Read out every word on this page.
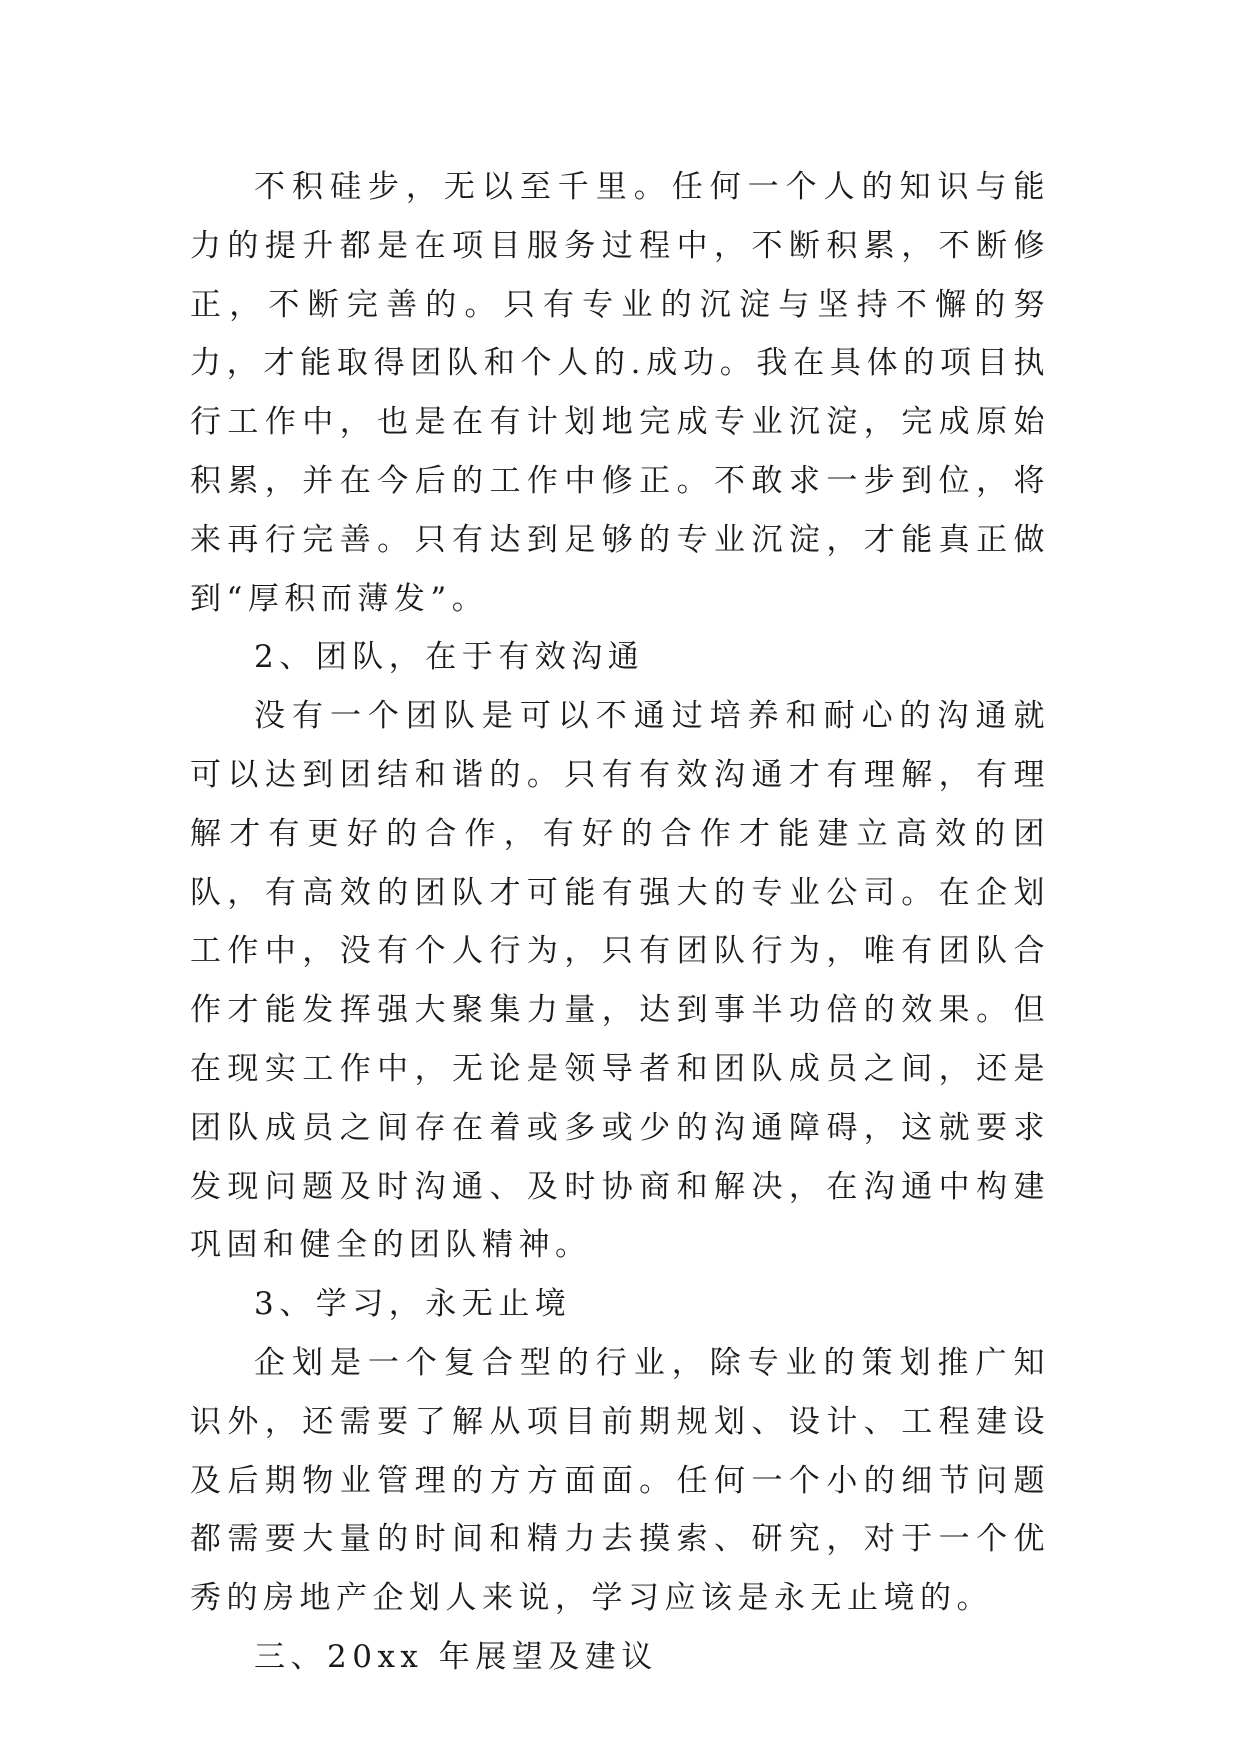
不积硅步，无以至千里。任何一个人的知识与能力的提升都是在项目服务过程中，不断积累，不断修正，不断完善的。只有专业的沉淀与坚持不懈的努力，才能取得团队和个人的.成功。我在具体的项目执行工作中，也是在有计划地完成专业沉淀，完成原始积累，并在今后的工作中修正。不敢求一步到位，将来再行完善。只有达到足够的专业沉淀，才能真正做到“厚积而薄发”。

2、团队，在于有效沟通

没有一个团队是可以不通过培养和耐心的沟通就可以达到团结和谐的。只有有效沟通才有理解，有理解才有更好的合作，有好的合作才能建立高效的团队，有高效的团队才可能有强大的专业公司。在企划工作中，没有个人行为，只有团队行为，唯有团队合作才能发挥强大聚集力量，达到事半功倍的效果。但在现实工作中，无论是领导者和团队成员之间，还是团队成员之间存在着或多或少的沟通障碍，这就要求发现问题及时沟通、及时协商和解决，在沟通中构建巩固和健全的团队精神。

3、学习，永无止境

企划是一个复合型的行业，除专业的策划推广知识外，还需要了解从项目前期规划、设计、工程建设及后期物业管理的方方面面。任何一个小的细节问题都需要大量的时间和精力去摸索、研究，对于一个优秀的房地产企划人来说，学习应该是永无止境的。

三、20xx 年展望及建议
